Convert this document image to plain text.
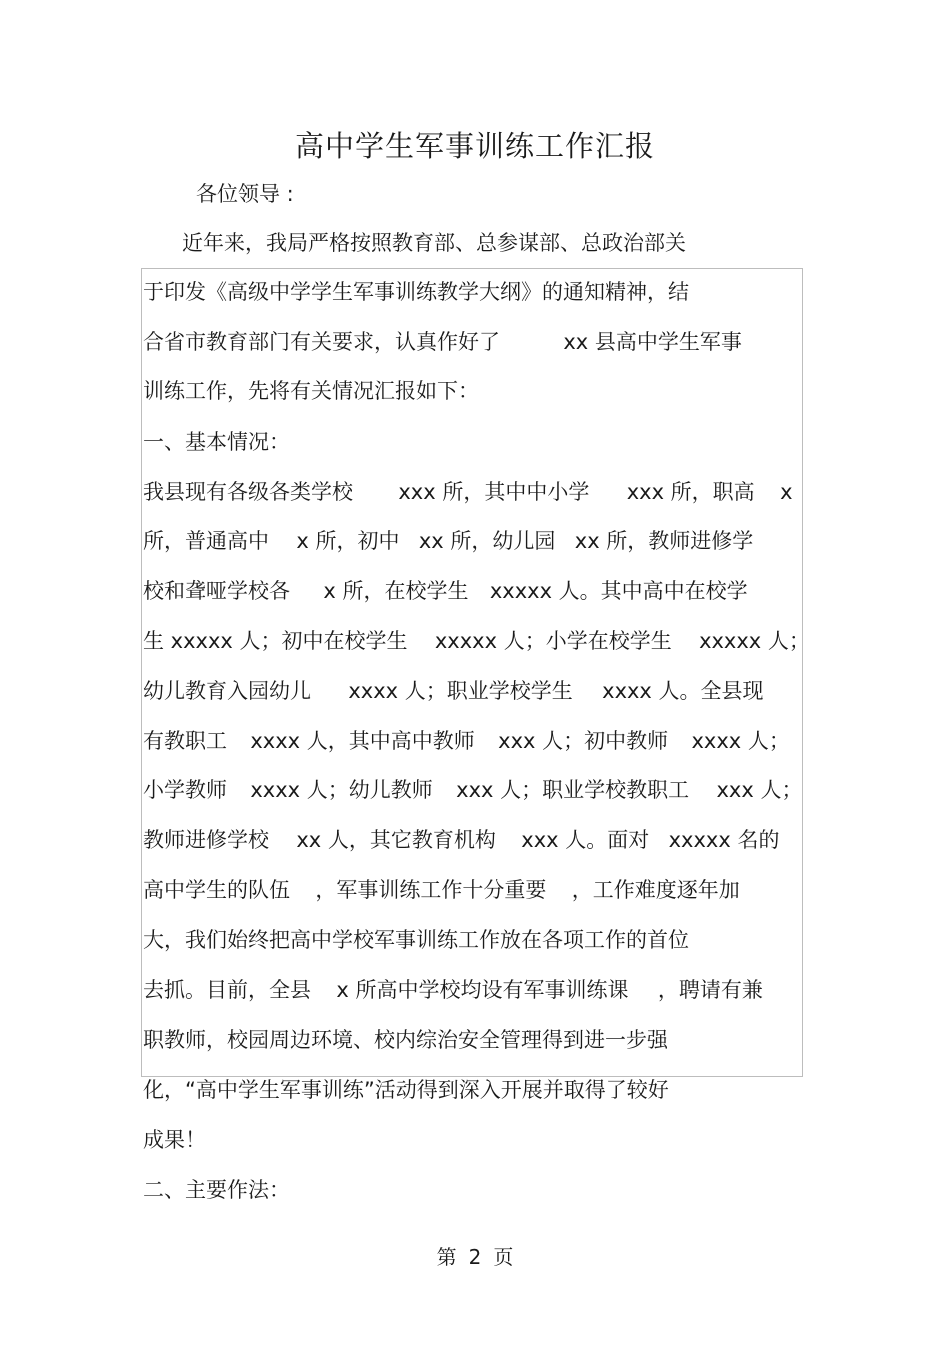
高中学生军事训练工作汇报
各位领导 :
近年来，我局严格按照教育部、总参谋部、总政治部关
于印发《高级中学学生军事训练教学大纲》的通知精神，结
合省市教育部门有关要求，认真作好了	xx 县高中学生军事
训练工作，先将有关情况汇报如下：
一、基本情况：
我县现有各级各类学校 xxx 所，其中中小学 xxx 所，职高 x
所，普通高中 x 所，初中 xx 所，幼儿园 xx 所，教师进修学
校和聋哑学校各 x 所，在校学生 xxxxx 人。其中高中在校学
生 xxxxx 人；初中在校学生 xxxxx 人；小学在校学生 xxxxx 人；
幼儿教育入园幼儿 xxxx 人；职业学校学生 xxxx 人。全县现
有教职工 xxxx 人，其中高中教师 xxx 人；初中教师 xxxx 人；
小学教师 xxxx 人；幼儿教师 xxx 人；职业学校教职工 xxx 人；
教师进修学校 xx 人，其它教育机构 xxx 人。面对 xxxxx 名的
高中学生的队伍 ，军事训练工作十分重要 ，工作难度逐年加
大，我们始终把高中学校军事训练工作放在各项工作的首位
去抓。目前，全县 x 所高中学校均设有军事训练课 ，聘请有兼
职教师，校园周边环境、校内综治安全管理得到进一步强
化，“高中学生军事训练”活动得到深入开展并取得了较好
成果！
二、主要作法：
第 2 页
